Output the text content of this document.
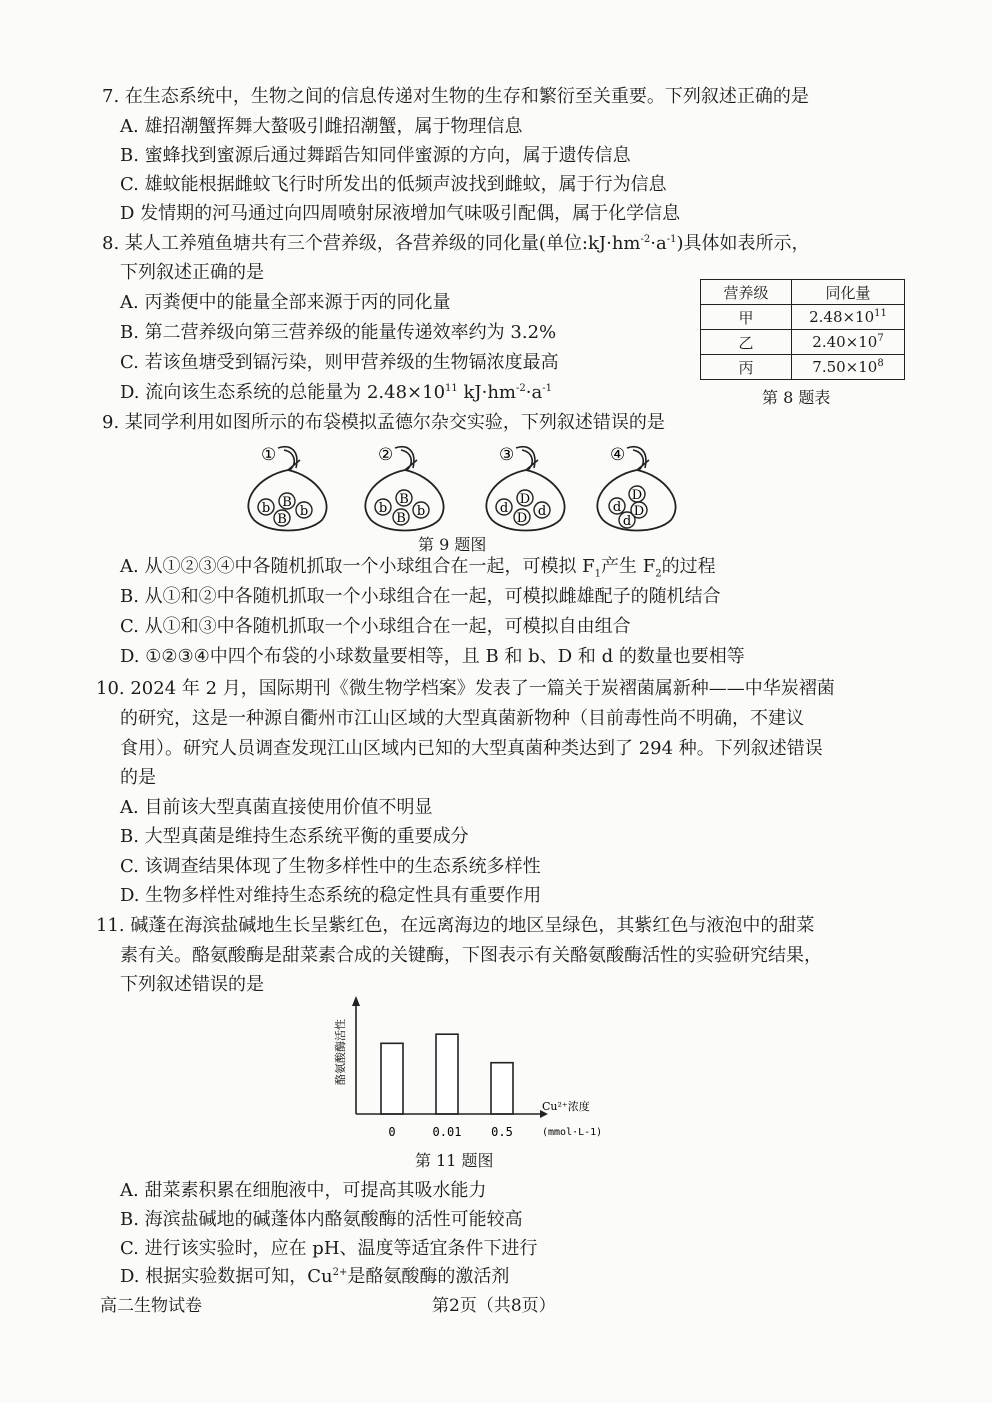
7. 在生态系统中，生物之间的信息传递对生物的生存和繁衍至关重要。下列叙述正确的是
A. 雄招潮蟹挥舞大螯吸引雌招潮蟹，属于物理信息
B. 蜜蜂找到蜜源后通过舞蹈告知同伴蜜源的方向，属于遗传信息
C. 雄蚊能根据雌蚊飞行时所发出的低频声波找到雌蚊，属于行为信息
D 发情期的河马通过向四周喷射尿液增加气味吸引配偶，属于化学信息
8. 某人工养殖鱼塘共有三个营养级，各营养级的同化量(单位$:kJ\cdot hm^{-2}\cdot a^{-1}$)具体如表所示，
下列叙述正确的是
A. 丙粪便中的能量全部来源于丙的同化量
B. 第二营养级向第三营养级的能量传递效率约为 3.2%
C. 若该鱼塘受到镉污染，则甲营养级的生物镉浓度最高
D. 流向该生态系统的总能量为 $2.48\times 10^{11}$ $kJ\cdot hm^{-2}\cdot a^{-1}$
营养级	同化量
甲	$2.48\times 10^{11}$
乙	$2.40\times 10^7$
丙	$7.50\times 10^8$
第 8 题表
9. 某同学利用如图所示的布袋模拟孟德尔杂交实验，下列叙述错误的是
①
b B
b
B
②
b
B
b
B
③
d
D
d
D
④
d
D
D
d
第 9 题图
A. 从①②③④中各随机抓取一个小球组合在一起，可模拟 $F_1$产生 $F_2$的过程
B. 从①和②中各随机抓取一个小球组合在一起，可模拟雌雄配子的随机结合
C. 从①和③中各随机抓取一个小球组合在一起，可模拟自由组合
D. ①②③④中四个布袋的小球数量要相等，且 B 和 b、D 和 d 的数量也要相等
10. 2024 年 2 月，国际期刊《微生物学档案》发表了一篇关于炭褶菌属新种——中华炭褶菌
的研究，这是一种源自衢州市江山区域的大型真菌新物种（目前毒性尚不明确，不建议
食用）。研究人员调查发现江山区域内已知的大型真菌种类达到了 294 种。下列叙述错误
的是
A. 目前该大型真菌直接使用价值不明显
B. 大型真菌是维持生态系统平衡的重要成分
C. 该调查结果体现了生物多样性中的生态系统多样性
D. 生物多样性对维持生态系统的稳定性具有重要作用
11. 碱蓬在海滨盐碱地生长呈紫红色，在远离海边的地区呈绿色，其紫红色与液泡中的甜菜
素有关。酪氨酸酶是甜菜素合成的关键酶，下图表示有关酪氨酸酶活性的实验研究结果，
下列叙述错误的是
0	0.01 0.5
酪氨酸酶活性
Cu²⁺浓度
(mmol·L-1)
第 11 题图
A. 甜菜素积累在细胞液中，可提高其吸水能力
B. 海滨盐碱地的碱蓬体内酪氨酸酶的活性可能较高
C. 进行该实验时，应在 pH、温度等适宜条件下进行
D. 根据实验数据可知，$Cu^{2+}$是酪氨酸酶的激活剂
高二生物试卷	第2页（共8页）
